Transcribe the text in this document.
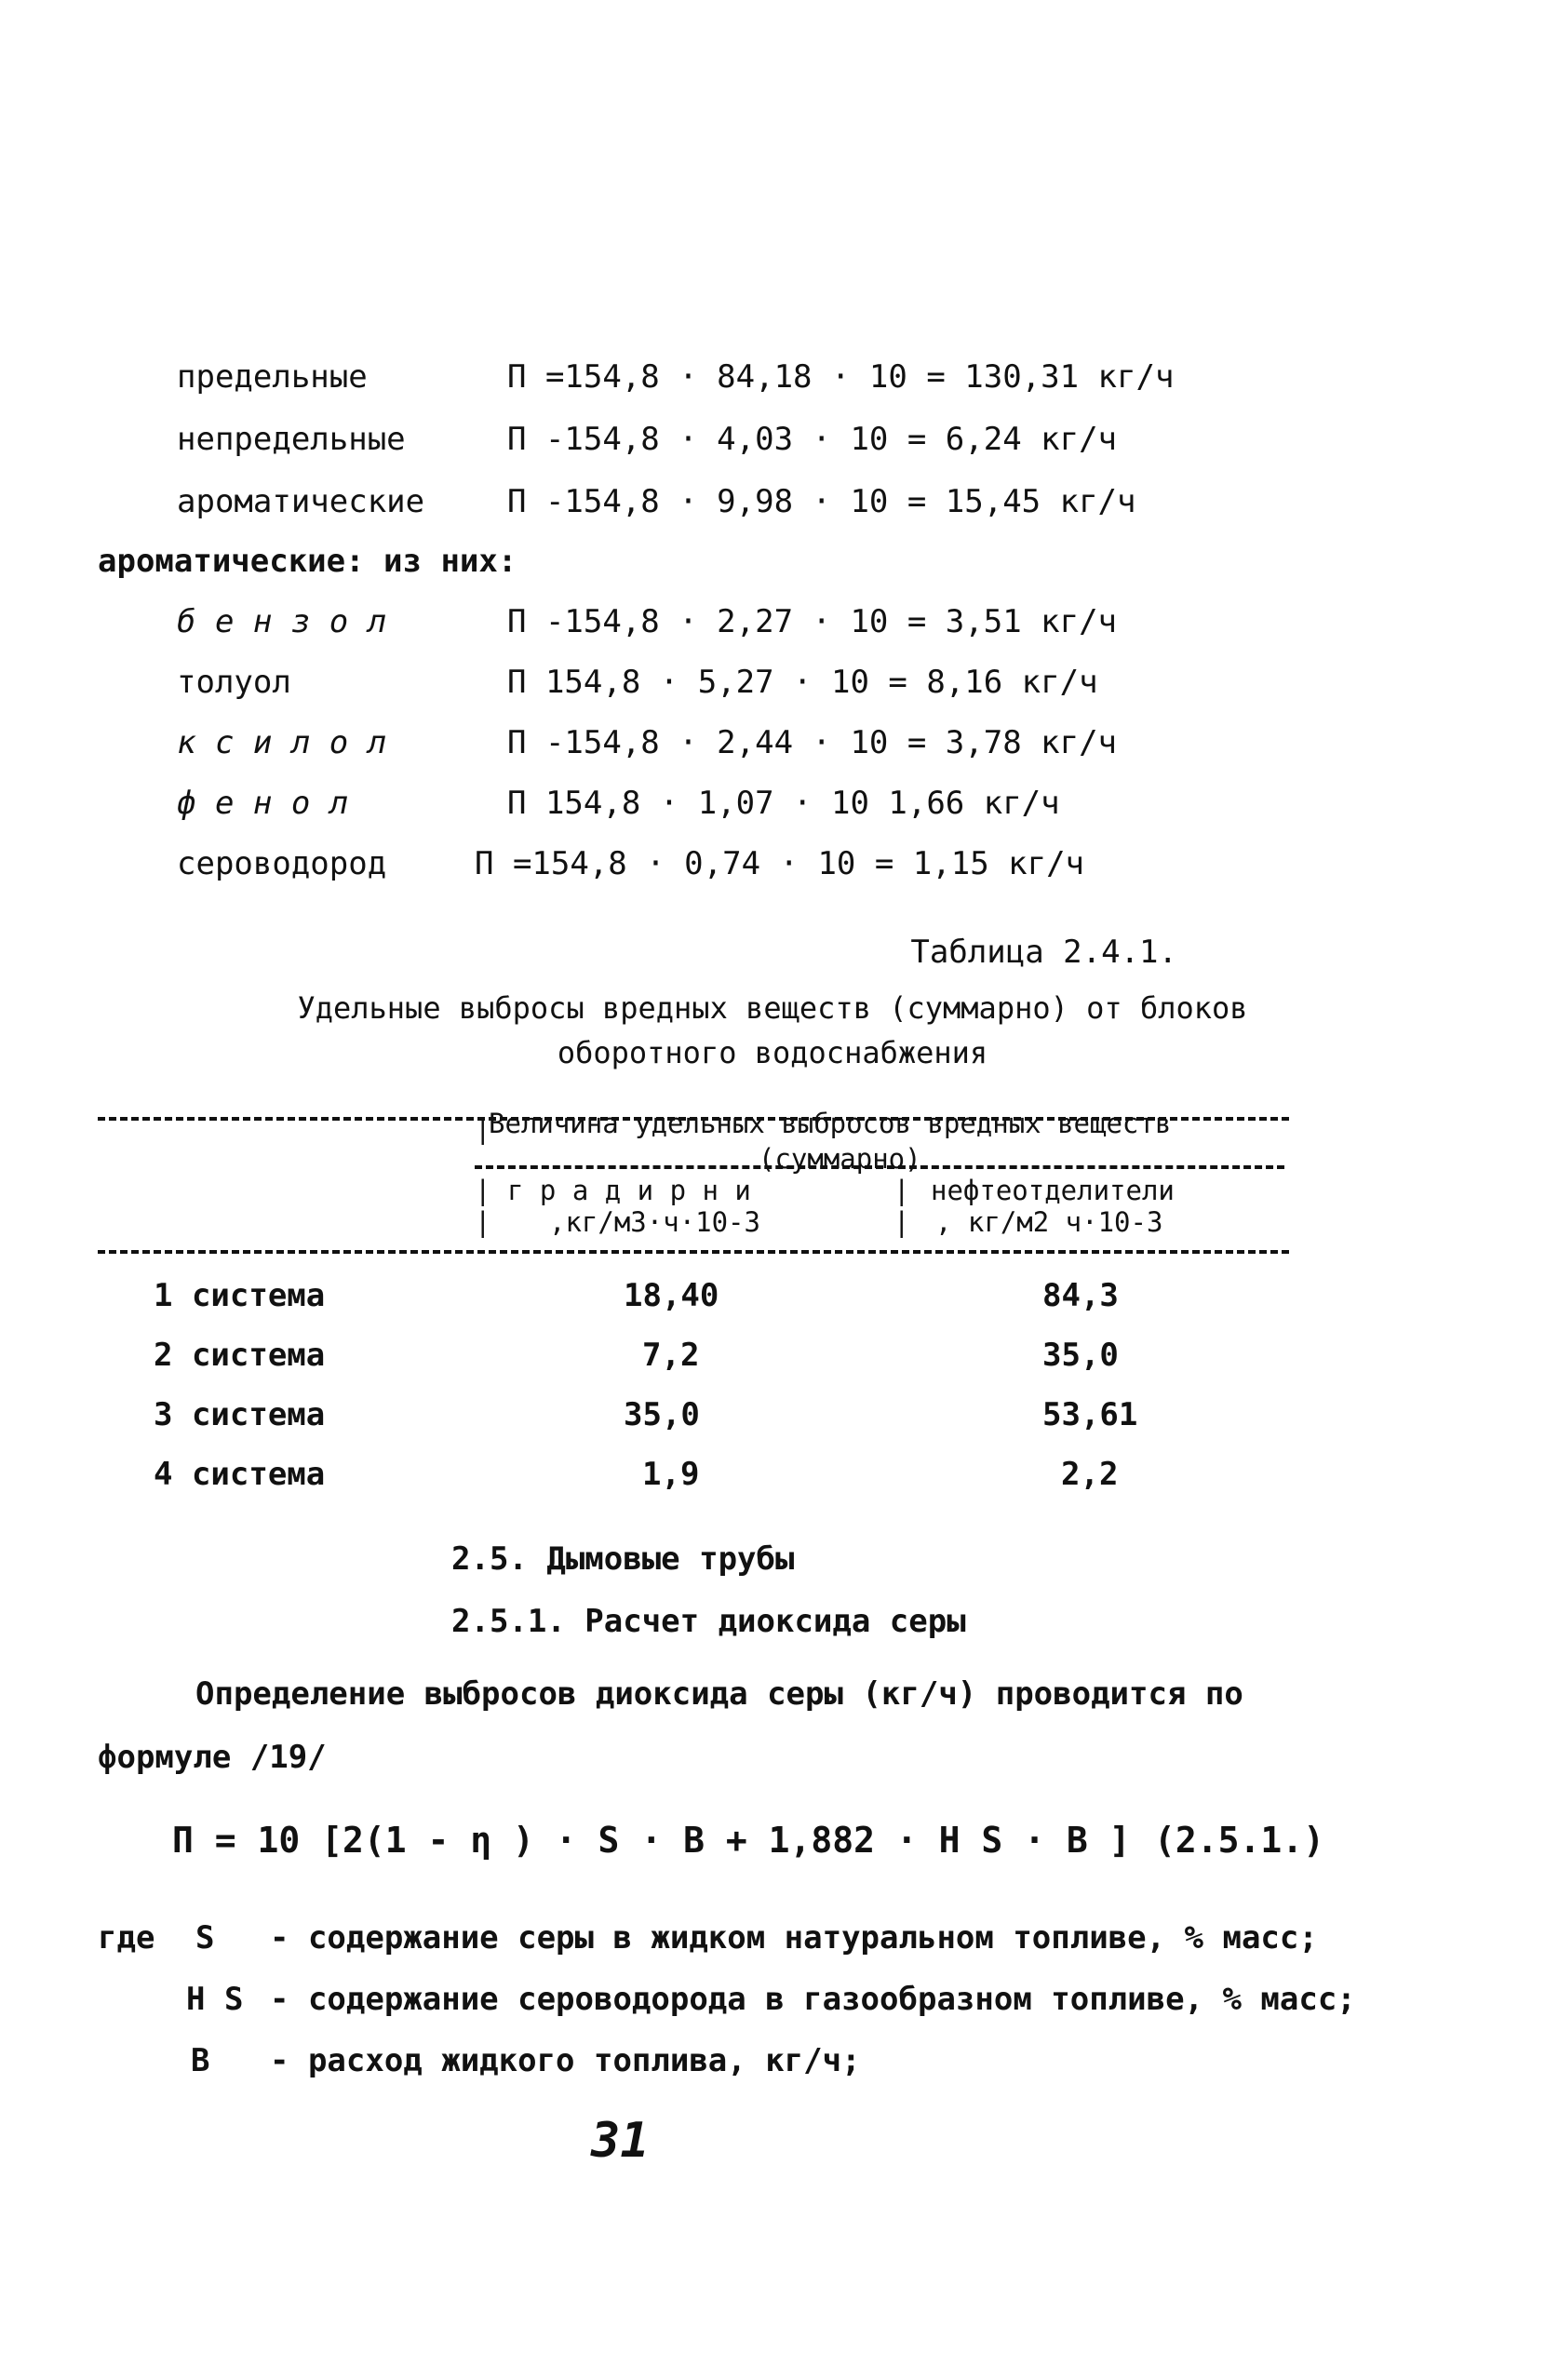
предельные	П =154,8 · 84,18 · 10 = 130,31 кг/ч
непредельные	П -154,8 · 4,03 · 10 = 6,24 кг/ч
ароматические	П -154,8 · 9,98 · 10 = 15,45 кг/ч
ароматические: из них:
б е н з о л	П -154,8 · 2,27 · 10 = 3,51 кг/ч
толуол	П 154,8 · 5,27 · 10 = 8,16 кг/ч
к с и л о л	П -154,8 · 2,44 · 10 = 3,78 кг/ч
ф е н о л	П 154,8 · 1,07 · 10 1,66 кг/ч
сероводород	П =154,8 · 0,74 · 10 = 1,15 кг/ч
Таблица 2.4.1.
Удельные выбросы вредных веществ (суммарно) от блоков
оборотного водоснабжения
Величина удельных выбросов вредных веществ
(суммарно)
г р а д и р н и
,кг/м3·ч·10-3
нефтеотделители
, кг/м2 ч·10-3
|
|
|
|
|
1 система	18,40	84,3
2 система	7,2	35,0
3 система	35,0	53,61
4 система	1,9	2,2
2.5. Дымовые трубы
2.5.1. Расчет диоксида серы
Определение выбросов диоксида серы (кг/ч) проводится по
формуле /19/
П = 10 [2(1 - η ) · S · B + 1,882 · H S · B ] (2.5.1.)
где S - содержание серы в жидком натуральном топливе, % масс;
H S - содержание сероводорода в газообразном топливе, % масс;
B - расход жидкого топлива, кг/ч;
31
